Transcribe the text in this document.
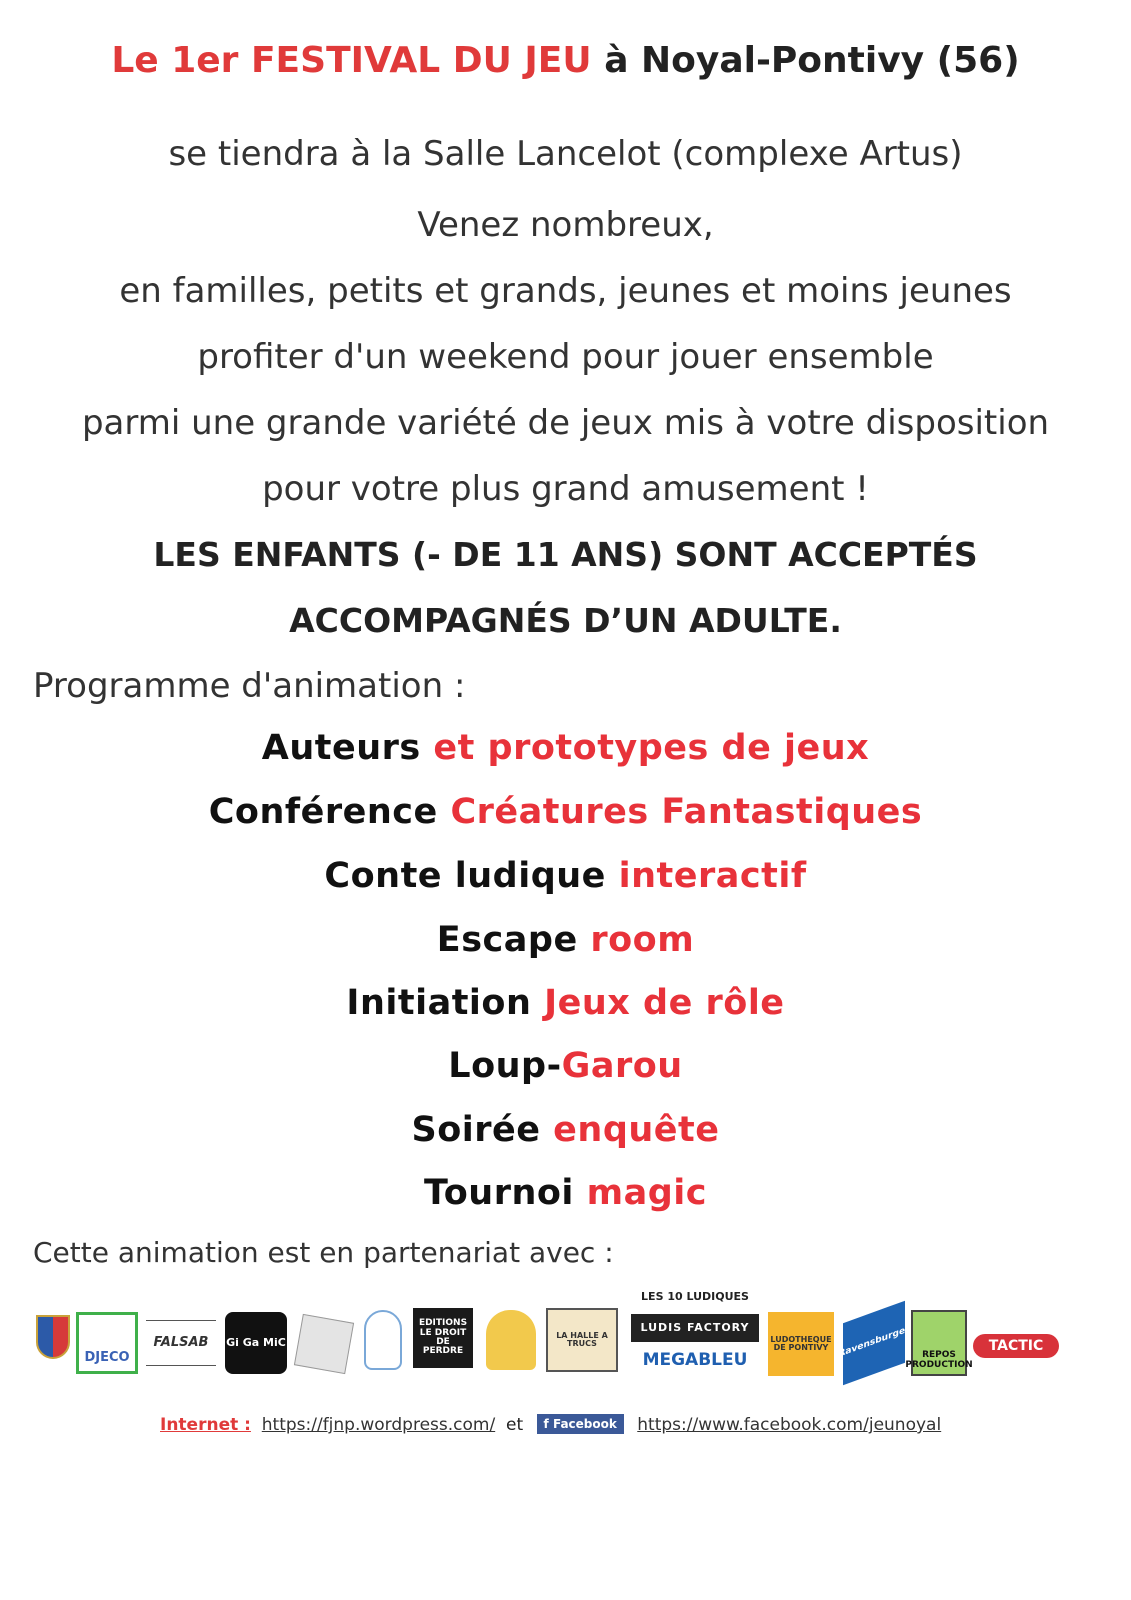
Le 1er FESTIVAL DU JEU à Noyal-Pontivy (56)
se tiendra à la Salle Lancelot (complexe Artus)
Venez nombreux,
en familles, petits et grands, jeunes et moins jeunes
profiter d'un weekend pour jouer ensemble
parmi une grande variété de jeux mis à votre disposition
pour votre plus grand amusement !
LES ENFANTS (- DE 11 ANS) SONT ACCEPTÉS
ACCOMPAGNÉS D’UN ADULTE.
Programme d'animation :
Auteurs et prototypes de jeux
Conférence Créatures Fantastiques
Conte ludique interactif
Escape room
Initiation Jeux de rôle
Loup-Garou
Soirée enquête
Tournoi magic
Cette animation est en partenariat avec :
DJECO
FALSAB	Gi Ga MiC
EDITIONS LE DROIT DE PERDRE
LA HALLE A TRUCS
LES 10 LUDIQUES
LUDIS FACTORY
MEGABLEU
LUDOTHEQUE DE PONTIVY	Ravensburger	REPOS PRODUCTION
TACTIC
Internet : https://fjnp.wordpress.com/ et f Facebook https://www.facebook.com/jeunoyal
